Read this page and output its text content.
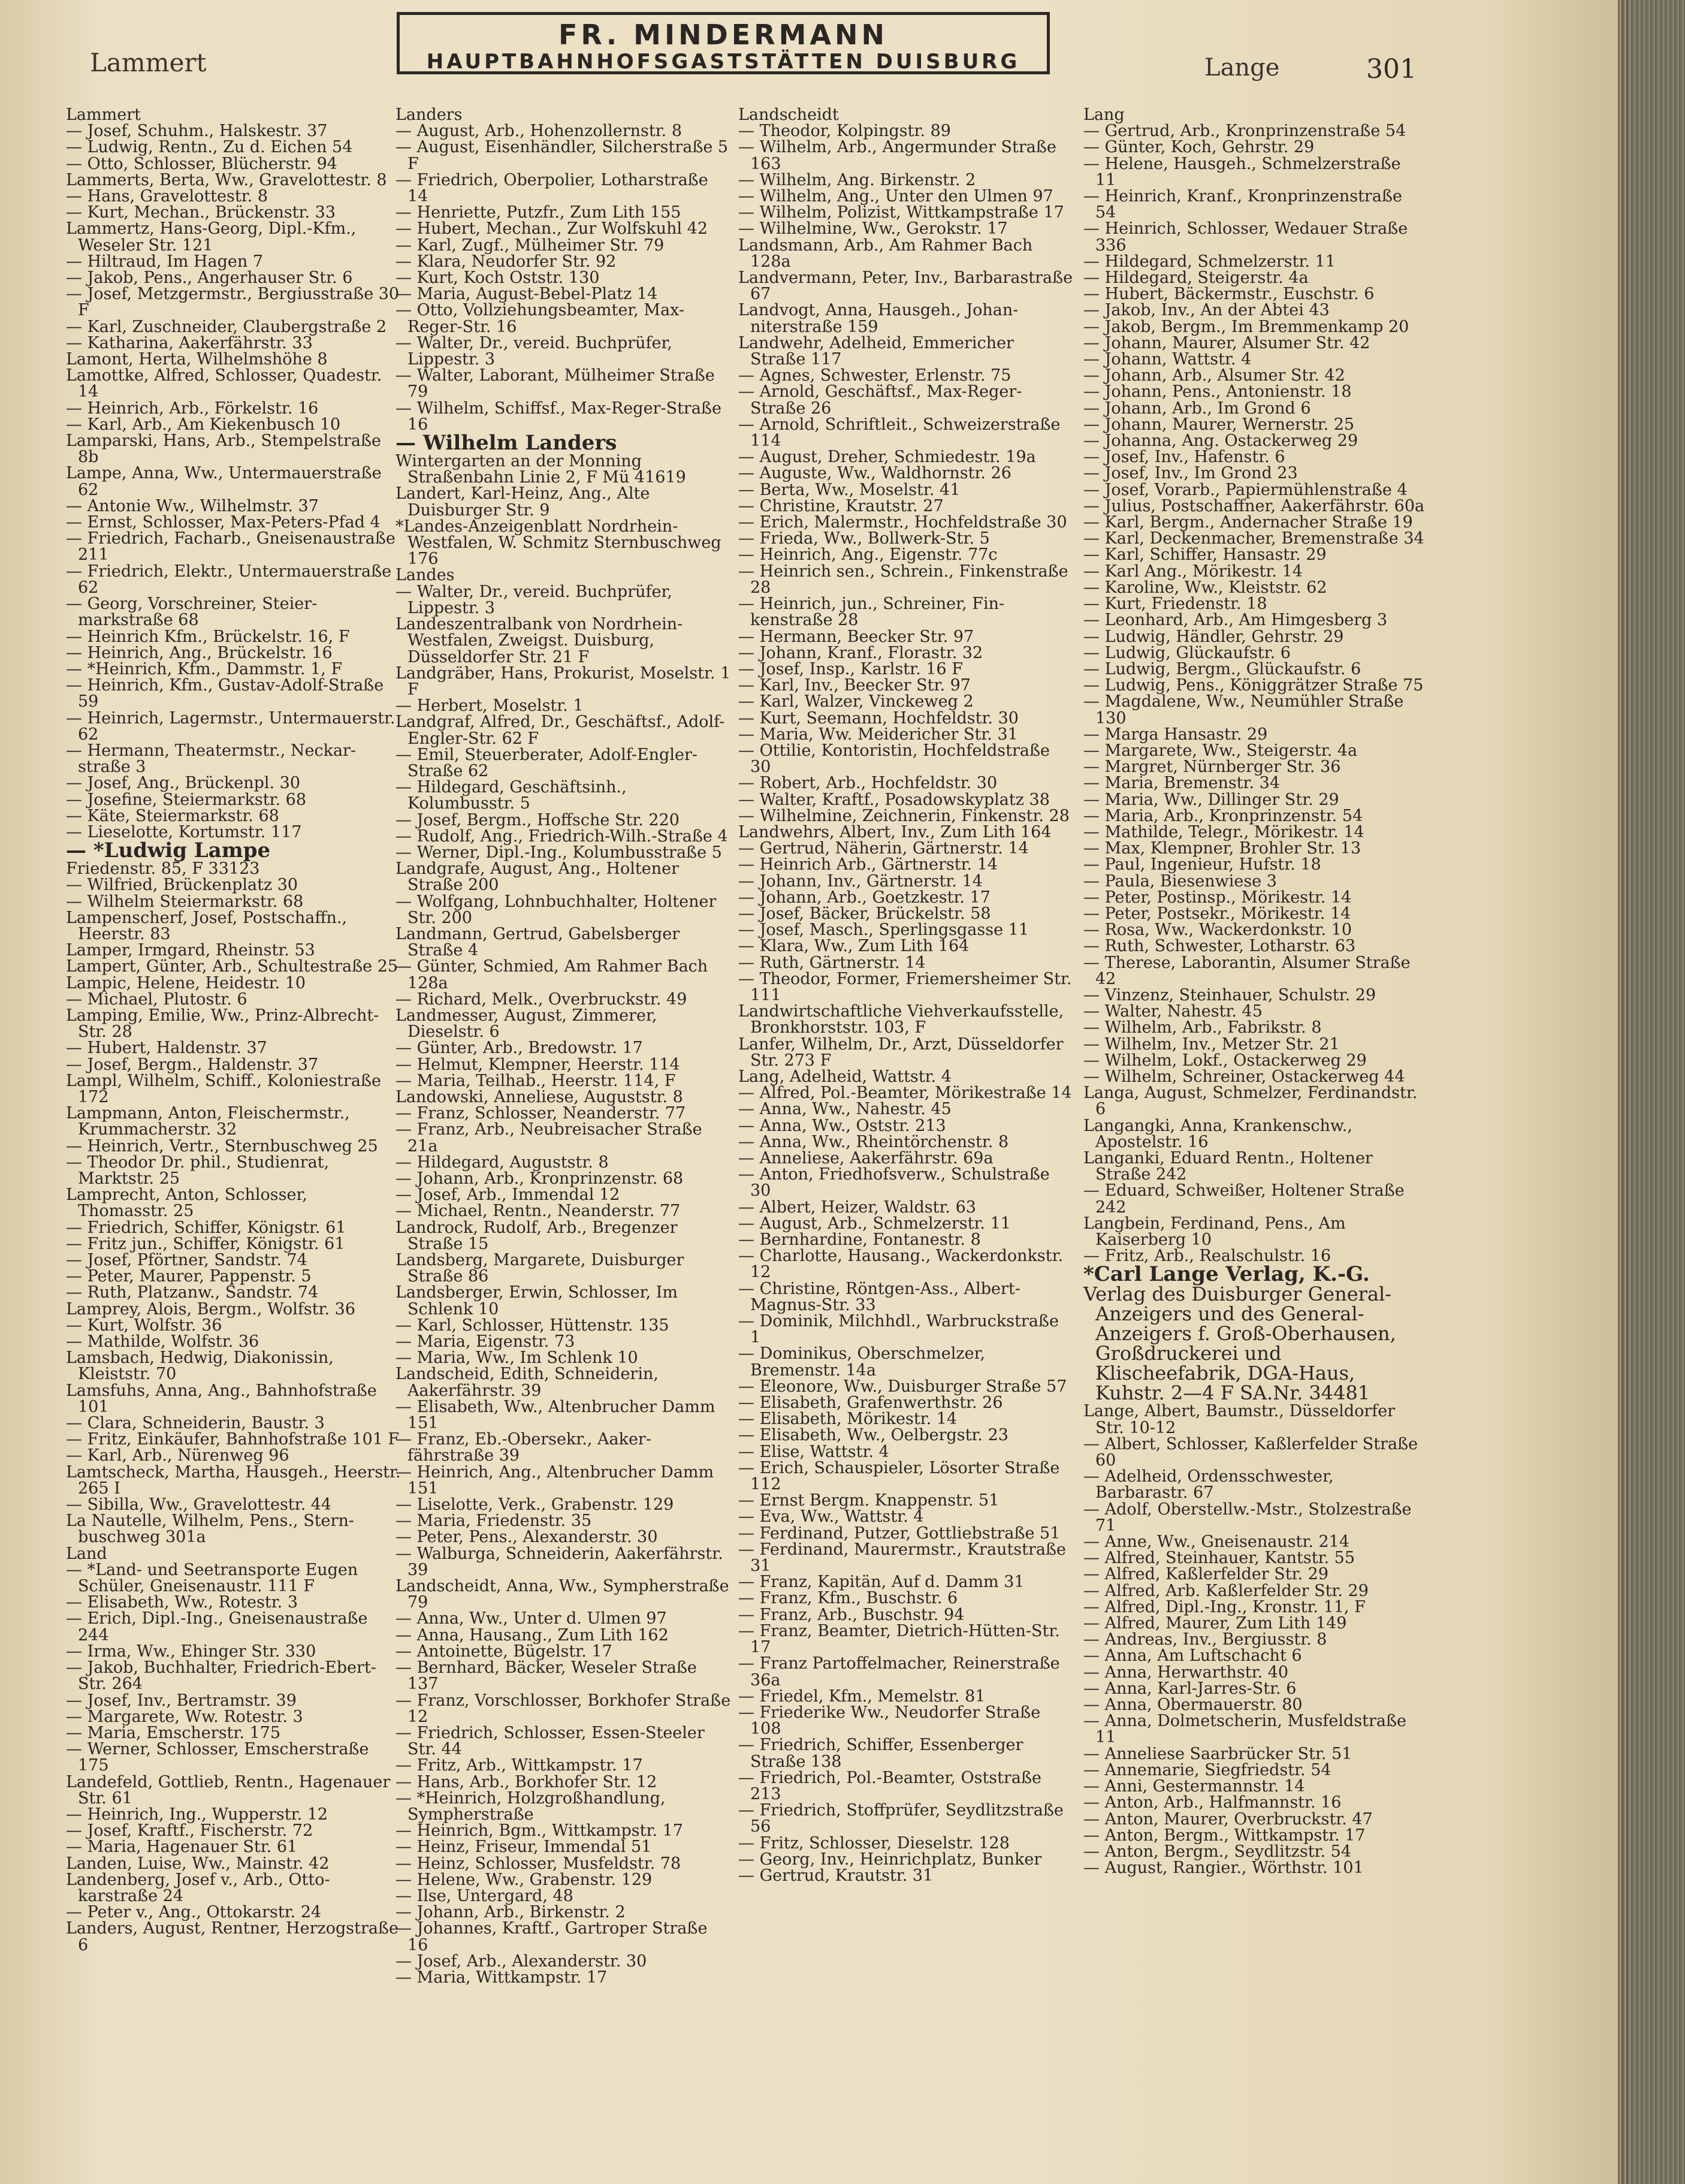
Lammert
FR. MINDERMANN
HAUPTBAHNHOFSGASTSTÄTTEN DUISBURG	Lange	301
Lammert
— Josef, Schuhm., Halskestr. 37
— Ludwig, Rentn., Zu d. Eichen 54
— Otto, Schlosser, Blücherstr. 94
Lammerts, Berta, Ww., Gravelottestr. 8
— Hans, Gravelottestr. 8
— Kurt, Mechan., Brückenstr. 33
Lammertz, Hans-Georg, Dipl.-Kfm., Weseler Str. 121
— Hiltraud, Im Hagen 7
— Jakob, Pens., Angerhauser Str. 6
— Josef, Metzgermstr., Bergiusstraße 30 F
— Karl, Zuschneider, Claubergstraße 2
— Katharina, Aakerfährstr. 33
Lamont, Herta, Wilhelmshöhe 8
Lamottke, Alfred, Schlosser, Quadestr. 14
— Heinrich, Arb., Förkelstr. 16
— Karl, Arb., Am Kiekenbusch 10
Lamparski, Hans, Arb., Stempelstraße 8b
Lampe, Anna, Ww., Untermauerstraße 62
— Antonie Ww., Wilhelmstr. 37
— Ernst, Schlosser, Max-Peters-Pfad 4
— Friedrich, Facharb., Gneisenaustraße 211
— Friedrich, Elektr., Untermauerstraße 62
— Georg, Vorschreiner, Steiermarkstraße 68
— Heinrich Kfm., Brückelstr. 16, F
— Heinrich, Ang., Brückelstr. 16
— *Heinrich, Kfm., Dammstr. 1, F
— Heinrich, Kfm., Gustav-Adolf-Straße 59
— Heinrich, Lagermstr., Untermauerstr. 62
— Hermann, Theatermstr., Neckarstraße 3
— Josef, Ang., Brückenpl. 30
— Josefine, Steiermarkstr. 68
— Käte, Steiermarkstr. 68
— Lieselotte, Kortumstr. 117
— *Ludwig Lampe
Friedenstr. 85, F 33123
— Wilfried, Brückenplatz 30
— Wilhelm Steiermarkstr. 68
Lampenscherf, Josef, Postschaffn., Heerstr. 83
Lamper, Irmgard, Rheinstr. 53
Lampert, Günter, Arb., Schultestraße 25
Lampic, Helene, Heidestr. 10
— Michael, Plutostr. 6
Lamping, Emilie, Ww., Prinz-Albrecht-Str. 28
— Hubert, Haldenstr. 37
— Josef, Bergm., Haldenstr. 37
Lampl, Wilhelm, Schiff., Koloniestraße 172
Lampmann, Anton, Fleischermstr., Krummacherstr. 32
— Heinrich, Vertr., Sternbuschweg 25
— Theodor Dr. phil., Studienrat, Marktstr. 25
Lamprecht, Anton, Schlosser, Thomasstr. 25
— Friedrich, Schiffer, Königstr. 61
— Fritz jun., Schiffer, Königstr. 61
— Josef, Pförtner, Sandstr. 74
— Peter, Maurer, Pappenstr. 5
— Ruth, Platzanw., Sandstr. 74
Lamprey, Alois, Bergm., Wolfstr. 36
— Kurt, Wolfstr. 36
— Mathilde, Wolfstr. 36
Lamsbach, Hedwig, Diakonissin, Kleiststr. 70
Lamsfuhs, Anna, Ang., Bahnhofstraße 101
— Clara, Schneiderin, Baustr. 3
— Fritz, Einkäufer, Bahnhofstraße 101 F
— Karl, Arb., Nürenweg 96
Lamtscheck, Martha, Hausgeh., Heerstr. 265 I
— Sibilla, Ww., Gravelottestr. 44
La Nautelle, Wilhelm, Pens., Sternbuschweg 301a
Land
— *Land- und Seetransporte Eugen Schüler, Gneisenaustr. 111 F
— Elisabeth, Ww., Rotestr. 3
— Erich, Dipl.-Ing., Gneisenaustraße 244
— Irma, Ww., Ehinger Str. 330
— Jakob, Buchhalter, Friedrich-Ebert-Str. 264
— Josef, Inv., Bertramstr. 39
— Margarete, Ww. Rotestr. 3
— Maria, Emscherstr. 175
— Werner, Schlosser, Emscherstraße 175
Landefeld, Gottlieb, Rentn., Hagenauer Str. 61
— Heinrich, Ing., Wupperstr. 12
— Josef, Kraftf., Fischerstr. 72
— Maria, Hagenauer Str. 61
Landen, Luise, Ww., Mainstr. 42
Landenberg, Josef v., Arb., Ottokarstraße 24
— Peter v., Ang., Ottokarstr. 24
Landers, August, Rentner, Herzogstraße 6
Landers
— August, Arb., Hohenzollernstr. 8
— August, Eisenhändler, Silcherstraße 5 F
— Friedrich, Oberpolier, Lotharstraße 14
— Henriette, Putzfr., Zum Lith 155
— Hubert, Mechan., Zur Wolfskuhl 42
— Karl, Zugf., Mülheimer Str. 79
— Klara, Neudorfer Str. 92
— Kurt, Koch Oststr. 130
— Maria, August-Bebel-Platz 14
— Otto, Vollziehungsbeamter, Max-Reger-Str. 16
— Walter, Dr., vereid. Buchprüfer, Lippestr. 3
— Walter, Laborant, Mülheimer Straße 79
— Wilhelm, Schiffsf., Max-Reger-Straße 16
— Wilhelm Landers
Wintergarten an der Monning Straßenbahn Linie 2, F Mü 41619
Landert, Karl-Heinz, Ang., Alte Duisburger Str. 9
*Landes-Anzeigenblatt Nordrhein-Westfalen, W. Schmitz Sternbuschweg 176
Landes
— Walter, Dr., vereid. Buchprüfer, Lippestr. 3
Landeszentralbank von Nordrhein-Westfalen, Zweigst. Duisburg, Düsseldorfer Str. 21 F
Landgräber, Hans, Prokurist, Moselstr. 1 F
— Herbert, Moselstr. 1
Landgraf, Alfred, Dr., Geschäftsf., Adolf-Engler-Str. 62 F
— Emil, Steuerberater, Adolf-Engler-Straße 62
— Hildegard, Geschäftsinh., Kolumbusstr. 5
— Josef, Bergm., Hoffsche Str. 220
— Rudolf, Ang., Friedrich-Wilh.-Straße 4
— Werner, Dipl.-Ing., Kolumbusstraße 5
Landgrafe, August, Ang., Holtener Straße 200
— Wolfgang, Lohnbuchhalter, Holtener Str. 200
Landmann, Gertrud, Gabelsberger Straße 4
— Günter, Schmied, Am Rahmer Bach 128a
— Richard, Melk., Overbruckstr. 49
Landmesser, August, Zimmerer, Dieselstr. 6
— Günter, Arb., Bredowstr. 17
— Helmut, Klempner, Heerstr. 114
— Maria, Teilhab., Heerstr. 114, F
Landowski, Anneliese, Auguststr. 8
— Franz, Schlosser, Neanderstr. 77
— Franz, Arb., Neubreisacher Straße 21a
— Hildegard, Auguststr. 8
— Johann, Arb., Kronprinzenstr. 68
— Josef, Arb., Immendal 12
— Michael, Rentn., Neanderstr. 77
Landrock, Rudolf, Arb., Bregenzer Straße 15
Landsberg, Margarete, Duisburger Straße 86
Landsberger, Erwin, Schlosser, Im Schlenk 10
— Karl, Schlosser, Hüttenstr. 135
— Maria, Eigenstr. 73
— Maria, Ww., Im Schlenk 10
Landscheid, Edith, Schneiderin, Aakerfährstr. 39
— Elisabeth, Ww., Altenbrucher Damm 151
— Franz, Eb.-Obersekr., Aakerfährstraße 39
— Heinrich, Ang., Altenbrucher Damm 151
— Liselotte, Verk., Grabenstr. 129
— Maria, Friedenstr. 35
— Peter, Pens., Alexanderstr. 30
— Walburga, Schneiderin, Aakerfährstr. 39
Landscheidt, Anna, Ww., Sympherstraße 79
— Anna, Ww., Unter d. Ulmen 97
— Anna, Hausang., Zum Lith 162
— Antoinette, Bügelstr. 17
— Bernhard, Bäcker, Weseler Straße 137
— Franz, Vorschlosser, Borkhofer Straße 12
— Friedrich, Schlosser, Essen-Steeler Str. 44
— Fritz, Arb., Wittkampstr. 17
— Hans, Arb., Borkhofer Str. 12
— *Heinrich, Holzgroßhandlung, Sympherstraße
— Heinrich, Bgm., Wittkampstr. 17
— Heinz, Friseur, Immendal 51
— Heinz, Schlosser, Musfeldstr. 78
— Helene, Ww., Grabenstr. 129
— Ilse, Untergard, 48
— Johann, Arb., Birkenstr. 2
— Johannes, Kraftf., Gartroper Straße 16
— Josef, Arb., Alexanderstr. 30
— Maria, Wittkampstr. 17
Landscheidt
— Theodor, Kolpingstr. 89
— Wilhelm, Arb., Angermunder Straße 163
— Wilhelm, Ang. Birkenstr. 2
— Wilhelm, Ang., Unter den Ulmen 97
— Wilhelm, Polizist, Wittkampstraße 17
— Wilhelmine, Ww., Gerokstr. 17
Landsmann, Arb., Am Rahmer Bach 128a
Landvermann, Peter, Inv., Barbarastraße 67
Landvogt, Anna, Hausgeh., Johanniterstraße 159
Landwehr, Adelheid, Emmericher Straße 117
— Agnes, Schwester, Erlenstr. 75
— Arnold, Geschäftsf., Max-Reger-Straße 26
— Arnold, Schriftleit., Schweizerstraße 114
— August, Dreher, Schmiedestr. 19a
— Auguste, Ww., Waldhornstr. 26
— Berta, Ww., Moselstr. 41
— Christine, Krautstr. 27
— Erich, Malermstr., Hochfeldstraße 30
— Frieda, Ww., Bollwerk-Str. 5
— Heinrich, Ang., Eigenstr. 77c
— Heinrich sen., Schrein., Finkenstraße 28
— Heinrich, jun., Schreiner, Finkenstraße 28
— Hermann, Beecker Str. 97
— Johann, Kranf., Florastr. 32
— Josef, Insp., Karlstr. 16 F
— Karl, Inv., Beecker Str. 97
— Karl, Walzer, Vinckeweg 2
— Kurt, Seemann, Hochfeldstr. 30
— Maria, Ww. Meidericher Str. 31
— Ottilie, Kontoristin, Hochfeldstraße 30
— Robert, Arb., Hochfeldstr. 30
— Walter, Kraftf., Posadowskyplatz 38
— Wilhelmine, Zeichnerin, Finkenstr. 28
Landwehrs, Albert, Inv., Zum Lith 164
— Gertrud, Näherin, Gärtnerstr. 14
— Heinrich Arb., Gärtnerstr. 14
— Johann, Inv., Gärtnerstr. 14
— Johann, Arb., Goetzkestr. 17
— Josef, Bäcker, Brückelstr. 58
— Josef, Masch., Sperlingsgasse 11
— Klara, Ww., Zum Lith 164
— Ruth, Gärtnerstr. 14
— Theodor, Former, Friemersheimer Str. 111
Landwirtschaftliche Viehverkaufsstelle, Bronkhorststr. 103, F
Lanfer, Wilhelm, Dr., Arzt, Düsseldorfer Str. 273 F
Lang, Adelheid, Wattstr. 4
— Alfred, Pol.-Beamter, Mörikestraße 14
— Anna, Ww., Nahestr. 45
— Anna, Ww., Oststr. 213
— Anna, Ww., Rheintörchenstr. 8
— Anneliese, Aakerfährstr. 69a
— Anton, Friedhofsverw., Schulstraße 30
— Albert, Heizer, Waldstr. 63
— August, Arb., Schmelzerstr. 11
— Bernhardine, Fontanestr. 8
— Charlotte, Hausang., Wackerdonkstr. 12
— Christine, Röntgen-Ass., Albert-Magnus-Str. 33
— Dominik, Milchhdl., Warbruckstraße 1
— Dominikus, Oberschmelzer, Bremenstr. 14a
— Eleonore, Ww., Duisburger Straße 57
— Elisabeth, Grafenwerthstr. 26
— Elisabeth, Mörikestr. 14
— Elisabeth, Ww., Oelbergstr. 23
— Elise, Wattstr. 4
— Erich, Schauspieler, Lösorter Straße 112
— Ernst Bergm. Knappenstr. 51
— Eva, Ww., Wattstr. 4
— Ferdinand, Putzer, Gottliebstraße 51
— Ferdinand, Maurermstr., Krautstraße 31
— Franz, Kapitän, Auf d. Damm 31
— Franz, Kfm., Buschstr. 6
— Franz, Arb., Buschstr. 94
— Franz, Beamter, Dietrich-Hütten-Str. 17
— Franz Partoffelmacher, Reinerstraße 36a
— Friedel, Kfm., Memelstr. 81
— Friederike Ww., Neudorfer Straße 108
— Friedrich, Schiffer, Essenberger Straße 138
— Friedrich, Pol.-Beamter, Oststraße 213
— Friedrich, Stoffprüfer, Seydlitzstraße 56
— Fritz, Schlosser, Dieselstr. 128
— Georg, Inv., Heinrichplatz, Bunker
— Gertrud, Krautstr. 31
Lang
— Gertrud, Arb., Kronprinzenstraße 54
— Günter, Koch, Gehrstr. 29
— Helene, Hausgeh., Schmelzerstraße 11
— Heinrich, Kranf., Kronprinzenstraße 54
— Heinrich, Schlosser, Wedauer Straße 336
— Hildegard, Schmelzerstr. 11
— Hildegard, Steigerstr. 4a
— Hubert, Bäckermstr., Euschstr. 6
— Jakob, Inv., An der Abtei 43
— Jakob, Bergm., Im Bremmenkamp 20
— Johann, Maurer, Alsumer Str. 42
— Johann, Wattstr. 4
— Johann, Arb., Alsumer Str. 42
— Johann, Pens., Antonienstr. 18
— Johann, Arb., Im Grond 6
— Johann, Maurer, Wernerstr. 25
— Johanna, Ang. Ostackerweg 29
— Josef, Inv., Hafenstr. 6
— Josef, Inv., Im Grond 23
— Josef, Vorarb., Papiermühlenstraße 4
— Julius, Postschaffner, Aakerfährstr. 60a
— Karl, Bergm., Andernacher Straße 19
— Karl, Deckenmacher, Bremenstraße 34
— Karl, Schiffer, Hansastr. 29
— Karl Ang., Mörikestr. 14
— Karoline, Ww., Kleiststr. 62
— Kurt, Friedenstr. 18
— Leonhard, Arb., Am Himgesberg 3
— Ludwig, Händler, Gehrstr. 29
— Ludwig, Glückaufstr. 6
— Ludwig, Bergm., Glückaufstr. 6
— Ludwig, Pens., Königgrätzer Straße 75
— Magdalene, Ww., Neumühler Straße 130
— Marga Hansastr. 29
— Margarete, Ww., Steigerstr. 4a
— Margret, Nürnberger Str. 36
— Maria, Bremenstr. 34
— Maria, Ww., Dillinger Str. 29
— Maria, Arb., Kronprinzenstr. 54
— Mathilde, Telegr., Mörikestr. 14
— Max, Klempner, Brohler Str. 13
— Paul, Ingenieur, Hufstr. 18
— Paula, Biesenwiese 3
— Peter, Postinsp., Mörikestr. 14
— Peter, Postsekr., Mörikestr. 14
— Rosa, Ww., Wackerdonkstr. 10
— Ruth, Schwester, Lotharstr. 63
— Therese, Laborantin, Alsumer Straße 42
— Vinzenz, Steinhauer, Schulstr. 29
— Walter, Nahestr. 45
— Wilhelm, Arb., Fabrikstr. 8
— Wilhelm, Inv., Metzer Str. 21
— Wilhelm, Lokf., Ostackerweg 29
— Wilhelm, Schreiner, Ostackerweg 44
Langa, August, Schmelzer, Ferdinandstr. 6
Langangki, Anna, Krankenschw., Apostelstr. 16
Langanki, Eduard Rentn., Holtener Straße 242
— Eduard, Schweißer, Holtener Straße 242
Langbein, Ferdinand, Pens., Am Kaiserberg 10
— Fritz, Arb., Realschulstr. 16
*Carl Lange Verlag, K.-G.
Verlag des Duisburger General-Anzeigers und des General-Anzeigers f. Groß-Oberhausen, Großdruckerei und Klischeefabrik, DGA-Haus, Kuhstr. 2—4 F SA.Nr. 34481
Lange, Albert, Baumstr., Düsseldorfer Str. 10-12
— Albert, Schlosser, Kaßlerfelder Straße 60
— Adelheid, Ordensschwester, Barbarastr. 67
— Adolf, Oberstellw.-Mstr., Stolzestraße 71
— Anne, Ww., Gneisenaustr. 214
— Alfred, Steinhauer, Kantstr. 55
— Alfred, Kaßlerfelder Str. 29
— Alfred, Arb. Kaßlerfelder Str. 29
— Alfred, Dipl.-Ing., Kronstr. 11, F
— Alfred, Maurer, Zum Lith 149
— Andreas, Inv., Bergiusstr. 8
— Anna, Am Luftschacht 6
— Anna, Herwarthstr. 40
— Anna, Karl-Jarres-Str. 6
— Anna, Obermauerstr. 80
— Anna, Dolmetscherin, Musfeldstraße 11
— Anneliese Saarbrücker Str. 51
— Annemarie, Siegfriedstr. 54
— Anni, Gestermannstr. 14
— Anton, Arb., Halfmannstr. 16
— Anton, Maurer, Overbruckstr. 47
— Anton, Bergm., Wittkampstr. 17
— Anton, Bergm., Seydlitzstr. 54
— August, Rangier., Wörthstr. 101
